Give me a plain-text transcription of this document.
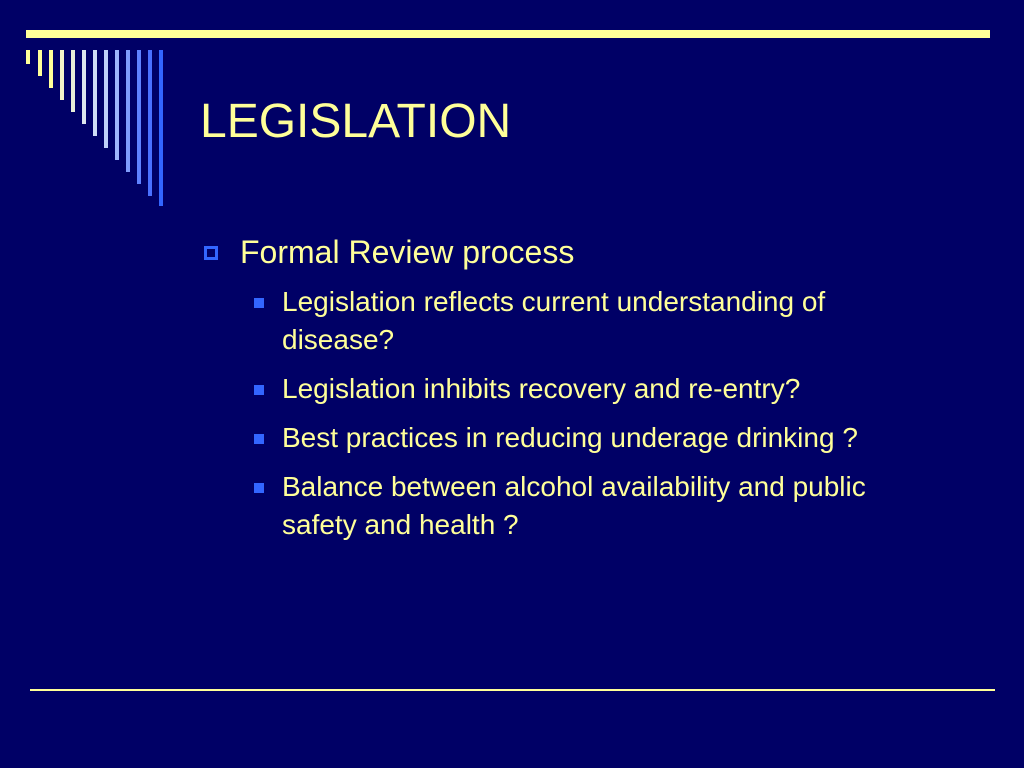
LEGISLATION
Formal Review process
Legislation reflects current understanding of disease?
Legislation inhibits recovery and re-entry?
Best practices in reducing underage drinking ?
Balance between alcohol availability and public safety and health ?
